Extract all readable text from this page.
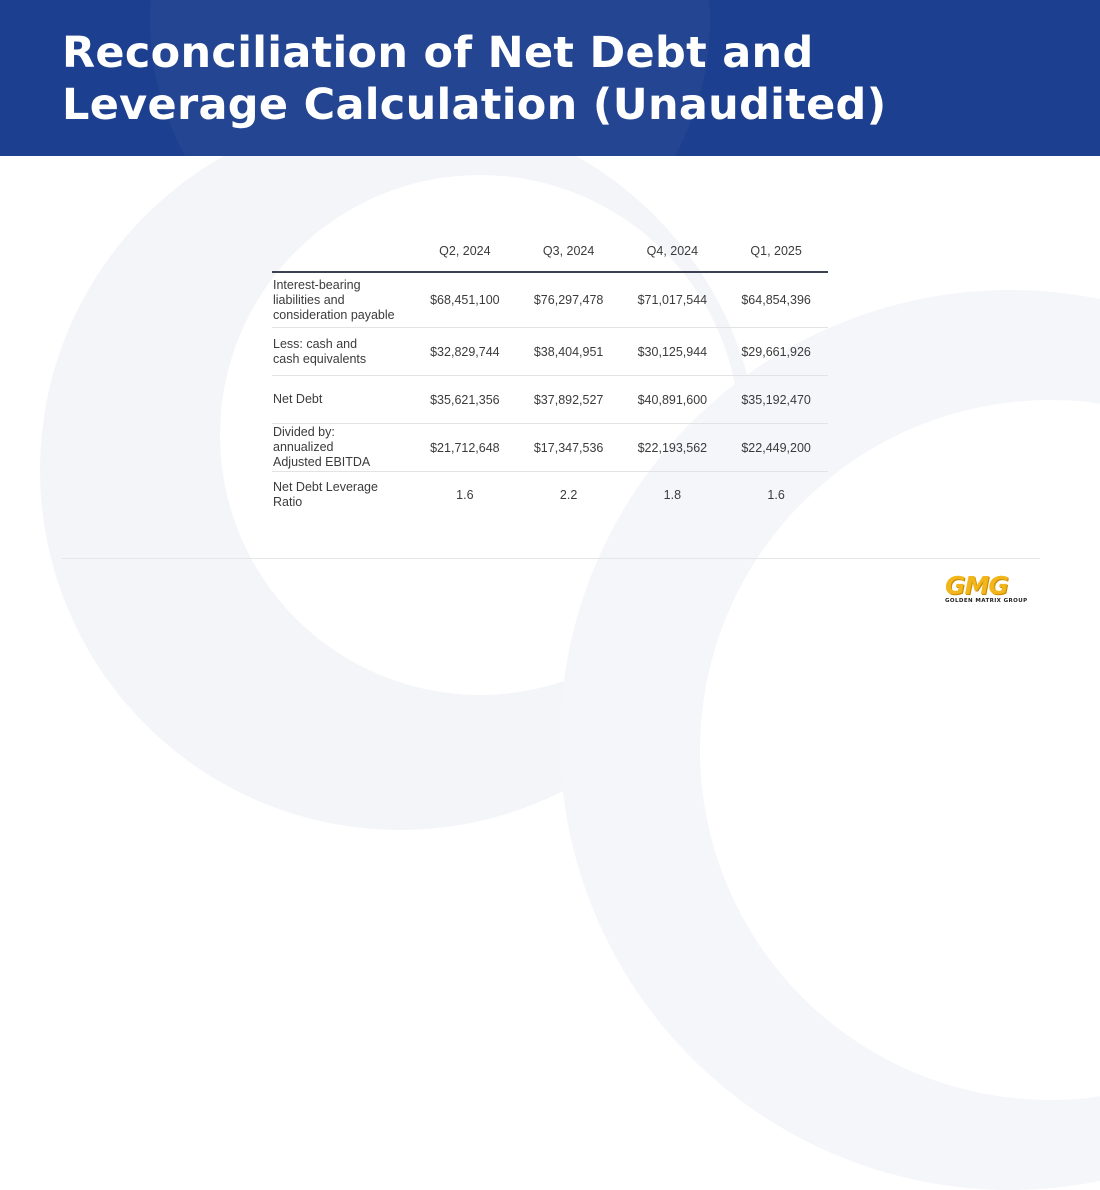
Reconciliation of Net Debt and
Leverage Calculation (Unaudited)
	Q2, 2024	Q3, 2024	Q4, 2024	Q1, 2025

Interest-bearing
liabilities and
consideration payable	$68,451,100	$76,297,478	$71,017,544	$64,854,396

Less: cash and
cash equivalents	$32,829,744	$38,404,951	$30,125,944	$29,661,926

Net Debt	$35,621,356	$37,892,527	$40,891,600	$35,192,470

Divided by:
annualized
Adjusted EBITDA	$21,712,648	$17,347,536	$22,193,562	$22,449,200

Net Debt Leverage
Ratio	1.6	2.2	1.8	1.6
GMG
GOLDEN MATRIX GROUP
